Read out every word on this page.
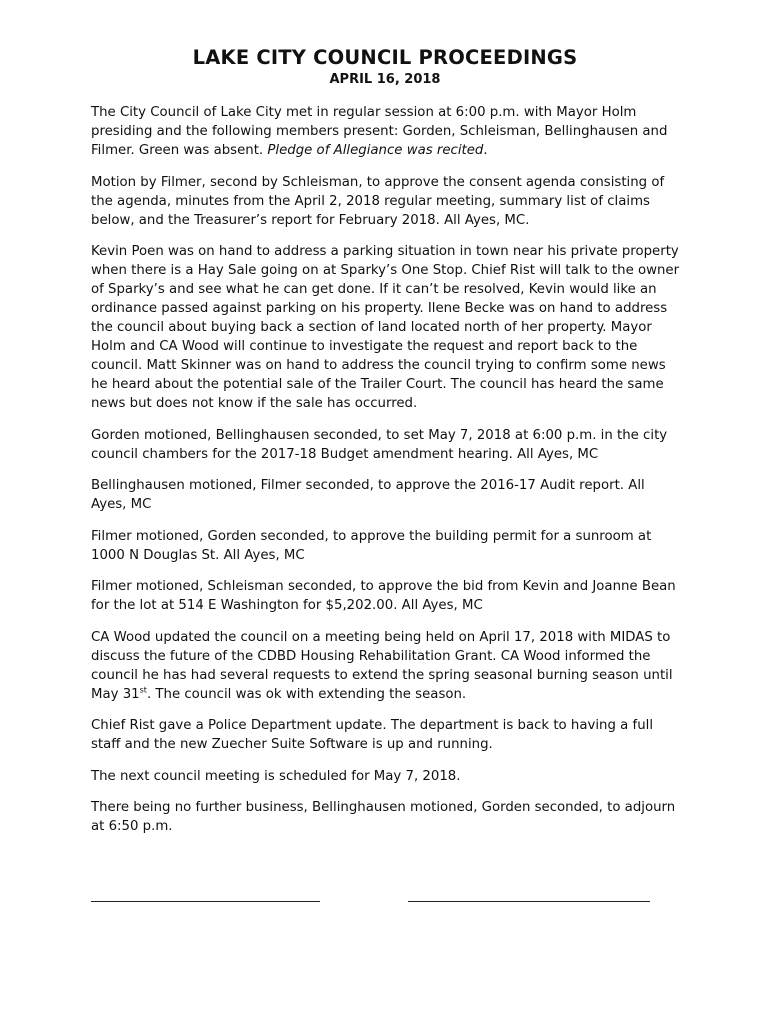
LAKE CITY COUNCIL PROCEEDINGS
APRIL 16, 2018

The City Council of Lake City met in regular session at 6:00 p.m. with Mayor Holm presiding and the following members present: Gorden, Schleisman, Bellinghausen and Filmer. Green was absent. Pledge of Allegiance was recited.

Motion by Filmer, second by Schleisman, to approve the consent agenda consisting of the agenda, minutes from the April 2, 2018 regular meeting, summary list of claims below, and the Treasurer’s report for February 2018. All Ayes, MC.

Kevin Poen was on hand to address a parking situation in town near his private property when there is a Hay Sale going on at Sparky’s One Stop. Chief Rist will talk to the owner of Sparky’s and see what he can get done. If it can’t be resolved, Kevin would like an ordinance passed against parking on his property. Ilene Becke was on hand to address the council about buying back a section of land located north of her property. Mayor Holm and CA Wood will continue to investigate the request and report back to the council. Matt Skinner was on hand to address the council trying to confirm some news he heard about the potential sale of the Trailer Court. The council has heard the same news but does not know if the sale has occurred.

Gorden motioned, Bellinghausen seconded, to set May 7, 2018 at 6:00 p.m. in the city council chambers for the 2017-18 Budget amendment hearing. All Ayes, MC

Bellinghausen motioned, Filmer seconded, to approve the 2016-17 Audit report. All Ayes, MC

Filmer motioned, Gorden seconded, to approve the building permit for a sunroom at 1000 N Douglas St. All Ayes, MC

Filmer motioned, Schleisman seconded, to approve the bid from Kevin and Joanne Bean for the lot at 514 E Washington for $5,202.00. All Ayes, MC

CA Wood updated the council on a meeting being held on April 17, 2018 with MIDAS to discuss the future of the CDBD Housing Rehabilitation Grant. CA Wood informed the council he has had several requests to extend the spring seasonal burning season until May 31st. The council was ok with extending the season.

Chief Rist gave a Police Department update. The department is back to having a full staff and the new Zuecher Suite Software is up and running.

The next council meeting is scheduled for May 7, 2018.

There being no further business, Bellinghausen motioned, Gorden seconded, to adjourn at 6:50 p.m.
